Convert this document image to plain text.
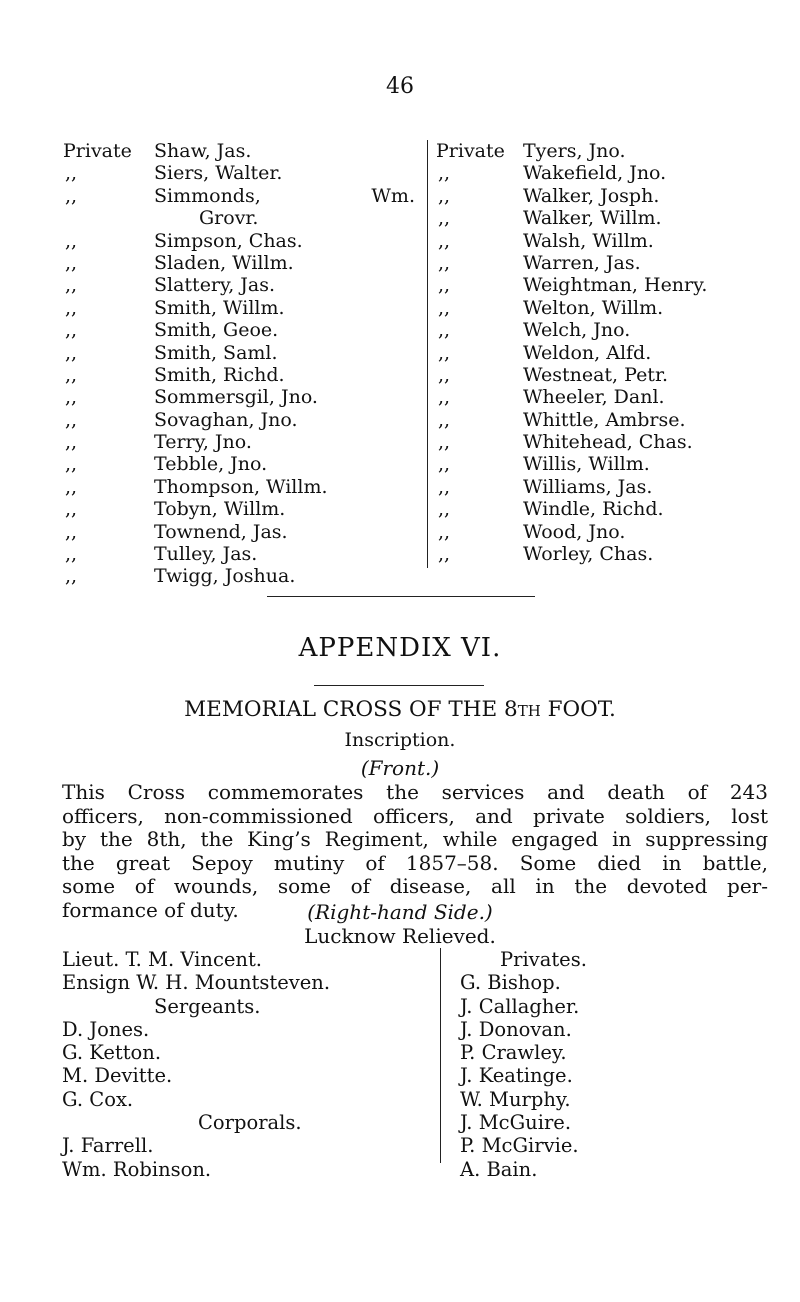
46
Private Shaw, Jas.
,,	Siers, Walter.
,,	Simmonds,	Wm.
Grovr.
,,	Simpson, Chas.
,,	Sladen, Willm.
,,	Slattery, Jas.
,,	Smith, Willm.
,,	Smith, Geoe.
,,	Smith, Saml.
,,	Smith, Richd.
,,	Sommersgil, Jno.
,,	Sovaghan, Jno.
,,	Terry, Jno.
,,	Tebble, Jno.
,,	Thompson, Willm.
,,	Tobyn, Willm.
,,	Townend, Jas.
,,	Tulley, Jas.
,,	Twigg, Joshua.
Private Tyers, Jno.
,,	Wakefield, Jno.
,,	Walker, Josph.
,,	Walker, Willm.
,,	Walsh, Willm.
,,	Warren, Jas.
,,	Weightman, Henry.
,,	Welton, Willm.
,,	Welch, Jno.
,,	Weldon, Alfd.
,,	Westneat, Petr.
,,	Wheeler, Danl.
,,	Whittle, Ambrse.
,,	Whitehead, Chas.
,,	Willis, Willm.
,,	Williams, Jas.
,,	Windle, Richd.
,,	Wood, Jno.
,,	Worley, Chas.
APPENDIX VI.
MEMORIAL CROSS OF THE 8TH FOOT.
Inscription.
(Front.)
This Cross commemorates the services and death of 243
officers, non-commissioned officers, and private soldiers, lost
by the 8th, the King’s Regiment, while engaged in suppressing
the great Sepoy mutiny of 1857–58. Some died in battle,
some of wounds, some of disease, all in the devoted per-
formance of duty.	(Right-hand Side.)
Lucknow Relieved.
Lieut. T. M. Vincent.
Ensign W. H. Mountsteven.
Sergeants.
D. Jones.
G. Ketton.
M. Devitte.
G. Cox.
Corporals.
J. Farrell.
Wm. Robinson.
Privates.
G. Bishop.
J. Callagher.
J. Donovan.
P. Crawley.
J. Keatinge.
W. Murphy.
J. McGuire.
P. McGirvie.
A. Bain.
